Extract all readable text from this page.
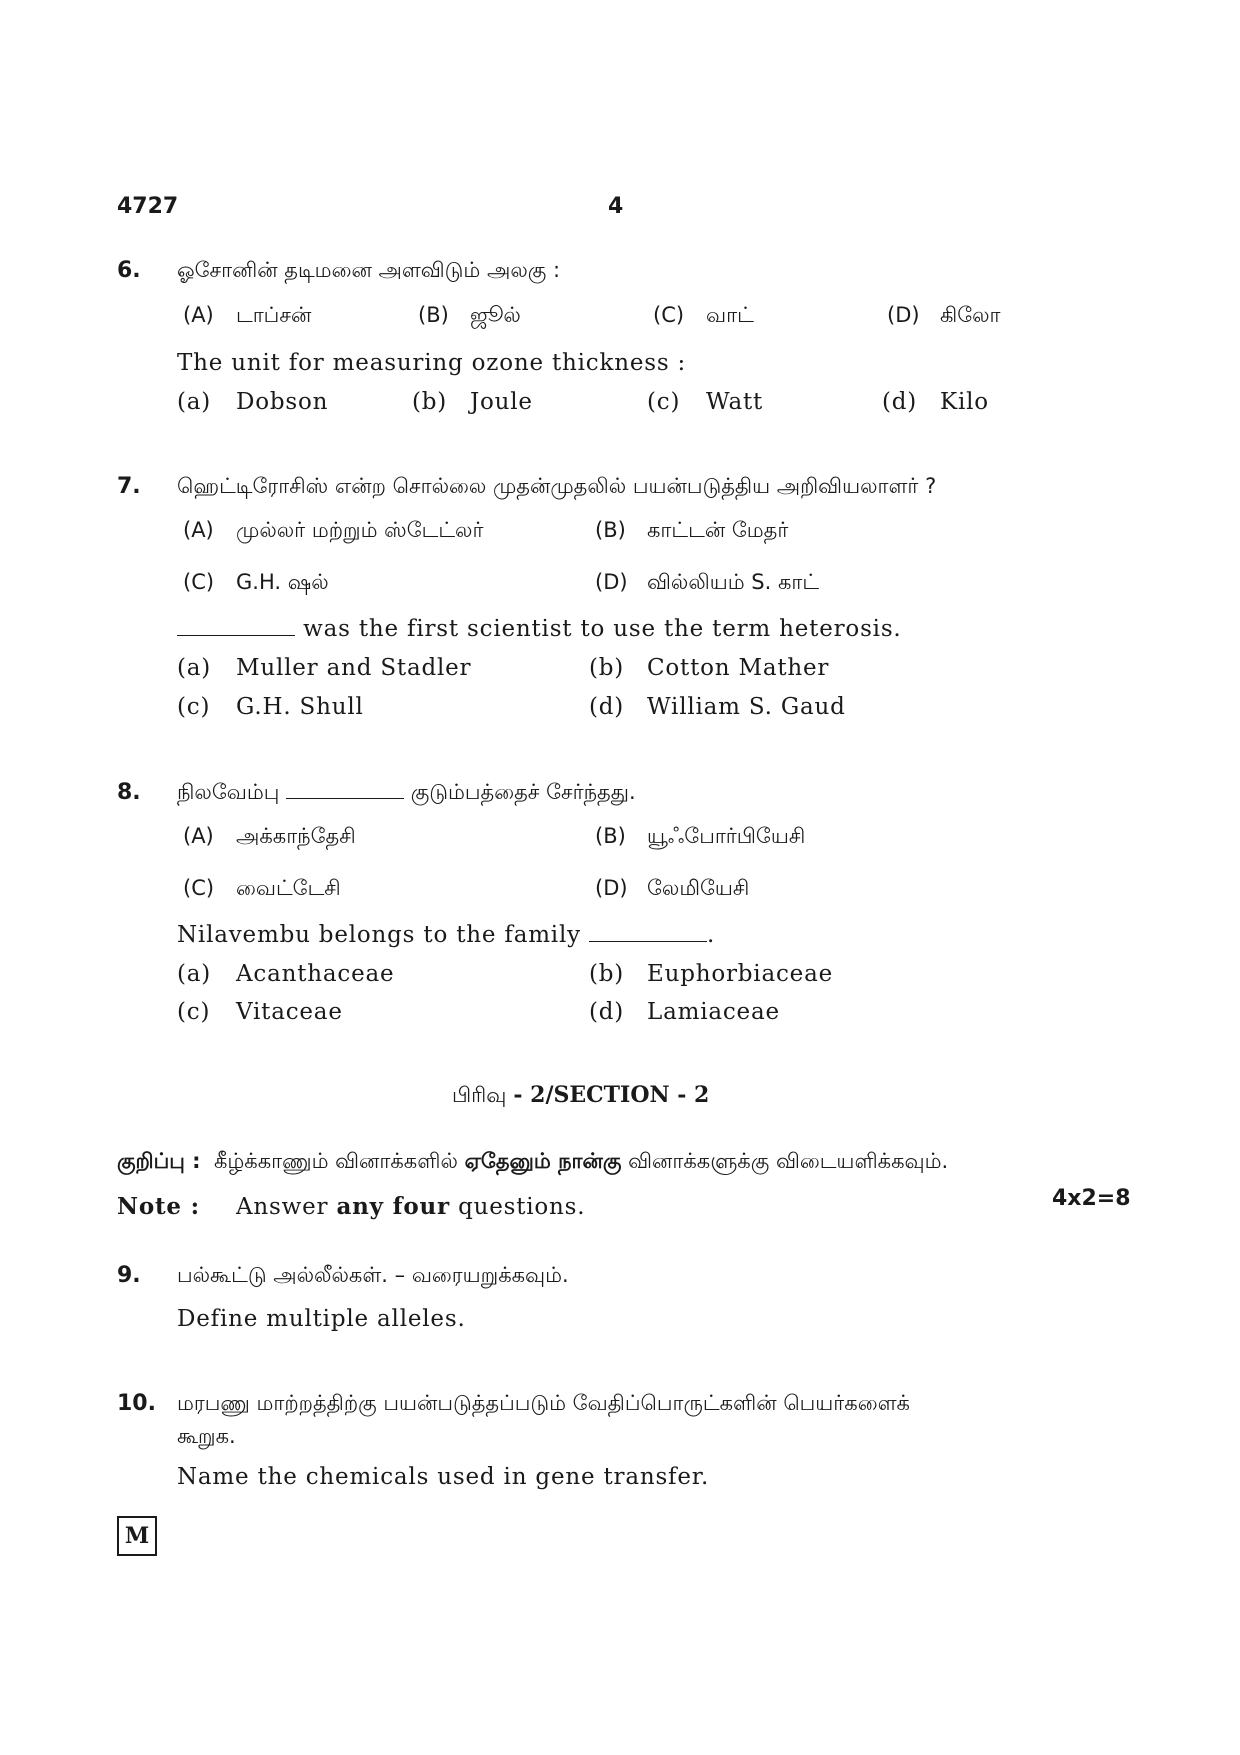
4727	4
6. ஓசோனின் தடிமனை அளவிடும் அலகு :
(A) டாப்சன்	(B) ஜூல்	(C) வாட்	(D) கிலோ
The unit for measuring ozone thickness :
(a) Dobson	(b) Joule	(c) Watt	(d) Kilo
7. ஹெட்டிரோசிஸ் என்ற சொல்லை முதன்முதலில் பயன்படுத்திய அறிவியலாளர் ?
(A) முல்லர் மற்றும் ஸ்டேட்லர்	(B) காட்டன் மேதர்
(C) G.H. ஷல்	(D) வில்லியம் S. காட்
was the first scientist to use the term heterosis.
(a) Muller and Stadler	(b) Cotton Mather
(c) G.H. Shull	(d) William S. Gaud
8. நிலவேம்பு	குடும்பத்தைச் சேர்ந்தது.
(A) அக்காந்தேசி	(B) யூஃபோர்பியேசி
(C) வைட்டேசி	(D) லேமியேசி
Nilavembu belongs to the family	.
(a) Acanthaceae	(b) Euphorbiaceae
(c) Vitaceae	(d) Lamiaceae
பிரிவு - 2/SECTION - 2
குறிப்பு : கீழ்க்காணும் வினாக்களில் ஏதேனும் நான்கு வினாக்களுக்கு விடையளிக்கவும்.
Note : Answer any four questions.	4x2=8
9. பல்கூட்டு அல்லீல்கள். – வரையறுக்கவும்.
Define multiple alleles.
10. மரபணு மாற்றத்திற்கு பயன்படுத்தப்படும் வேதிப்பொருட்களின் பெயர்களைக்
கூறுக.
Name the chemicals used in gene transfer.
M
